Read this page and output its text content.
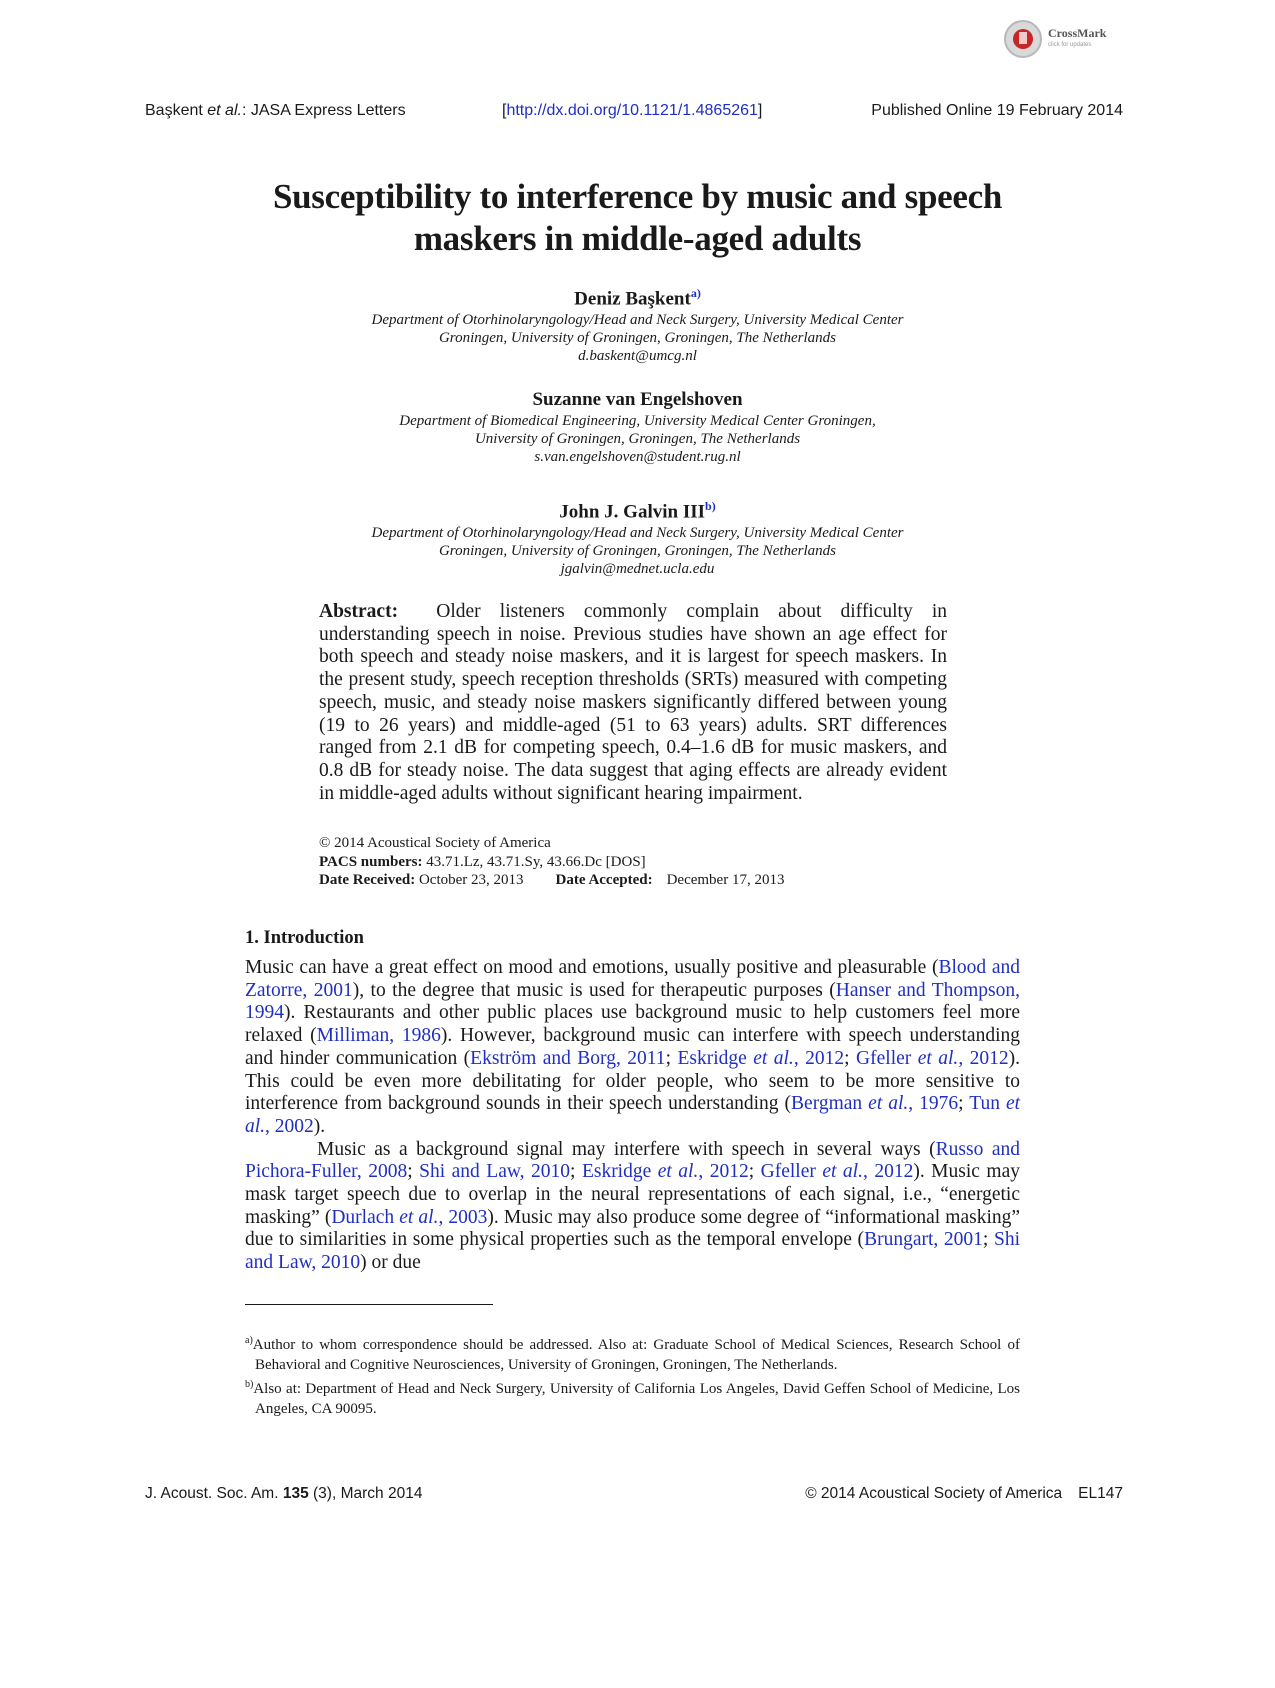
CrossMark
click for updates
Başkent et al.: JASA Express Letters	[http://dx.doi.org/10.1121/1.4865261]	Published Online 19 February 2014
Susceptibility to interference by music and speech
maskers in middle-aged adults
Deniz Başkent$^{a)}$
Department of Otorhinolaryngology/Head and Neck Surgery, University Medical Center
Groningen, University of Groningen, Groningen, The Netherlands
d.baskent@umcg.nl
Suzanne van Engelshoven
Department of Biomedical Engineering, University Medical Center Groningen,
University of Groningen, Groningen, The Netherlands
s.van.engelshoven@student.rug.nl
John J. Galvin III$^{b)}$
Department of Otorhinolaryngology/Head and Neck Surgery, University Medical Center
Groningen, University of Groningen, Groningen, The Netherlands
jgalvin@mednet.ucla.edu
Abstract: Older listeners commonly complain about difficulty in understanding speech in noise. Previous studies have shown an age effect for both speech and steady noise maskers, and it is largest for speech maskers. In the present study, speech reception thresholds (SRTs) measured with competing speech, music, and steady noise maskers significantly differed between young (19 to 26 years) and middle-aged (51 to 63 years) adults. SRT differences ranged from 2.1 dB for competing speech, 0.4–1.6 dB for music maskers, and 0.8 dB for steady noise. The data suggest that aging effects are already evident in middle-aged adults without significant hearing impairment.
© 2014 Acoustical Society of America
PACS numbers: 43.71.Lz, 43.71.Sy, 43.66.Dc [DOS]
Date Received: October 23, 2013 Date Accepted: December 17, 2013
1. Introduction

Music can have a great effect on mood and emotions, usually positive and pleasurable (Blood and Zatorre, 2001), to the degree that music is used for therapeutic purposes (Hanser and Thompson, 1994). Restaurants and other public places use background music to help customers feel more relaxed (Milliman, 1986). However, background music can interfere with speech understanding and hinder communication (Ekström and Borg, 2011; Eskridge et al., 2012; Gfeller et al., 2012). This could be even more debilitating for older people, who seem to be more sensitive to interference from background sounds in their speech understanding (Bergman et al., 1976; Tun et al., 2002).

Music as a background signal may interfere with speech in several ways (Russo and Pichora-Fuller, 2008; Shi and Law, 2010; Eskridge et al., 2012; Gfeller et al., 2012). Music may mask target speech due to overlap in the neural representations of each signal, i.e., “energetic masking” (Durlach et al., 2003). Music may also produce some degree of “informational masking” due to similarities in some physical properties such as the temporal envelope (Brungart, 2001; Shi and Law, 2010) or due

$^{a)}$Author to whom correspondence should be addressed. Also at: Graduate School of Medical Sciences, Research School of Behavioral and Cognitive Neurosciences, University of Groningen, Groningen, The Netherlands.

$^{b)}$Also at: Department of Head and Neck Surgery, University of California Los Angeles, David Geffen School of Medicine, Los Angeles, CA 90095.

J. Acoust. Soc. Am. 135 (3), March 2014	© 2014 Acoustical Society of America EL147
